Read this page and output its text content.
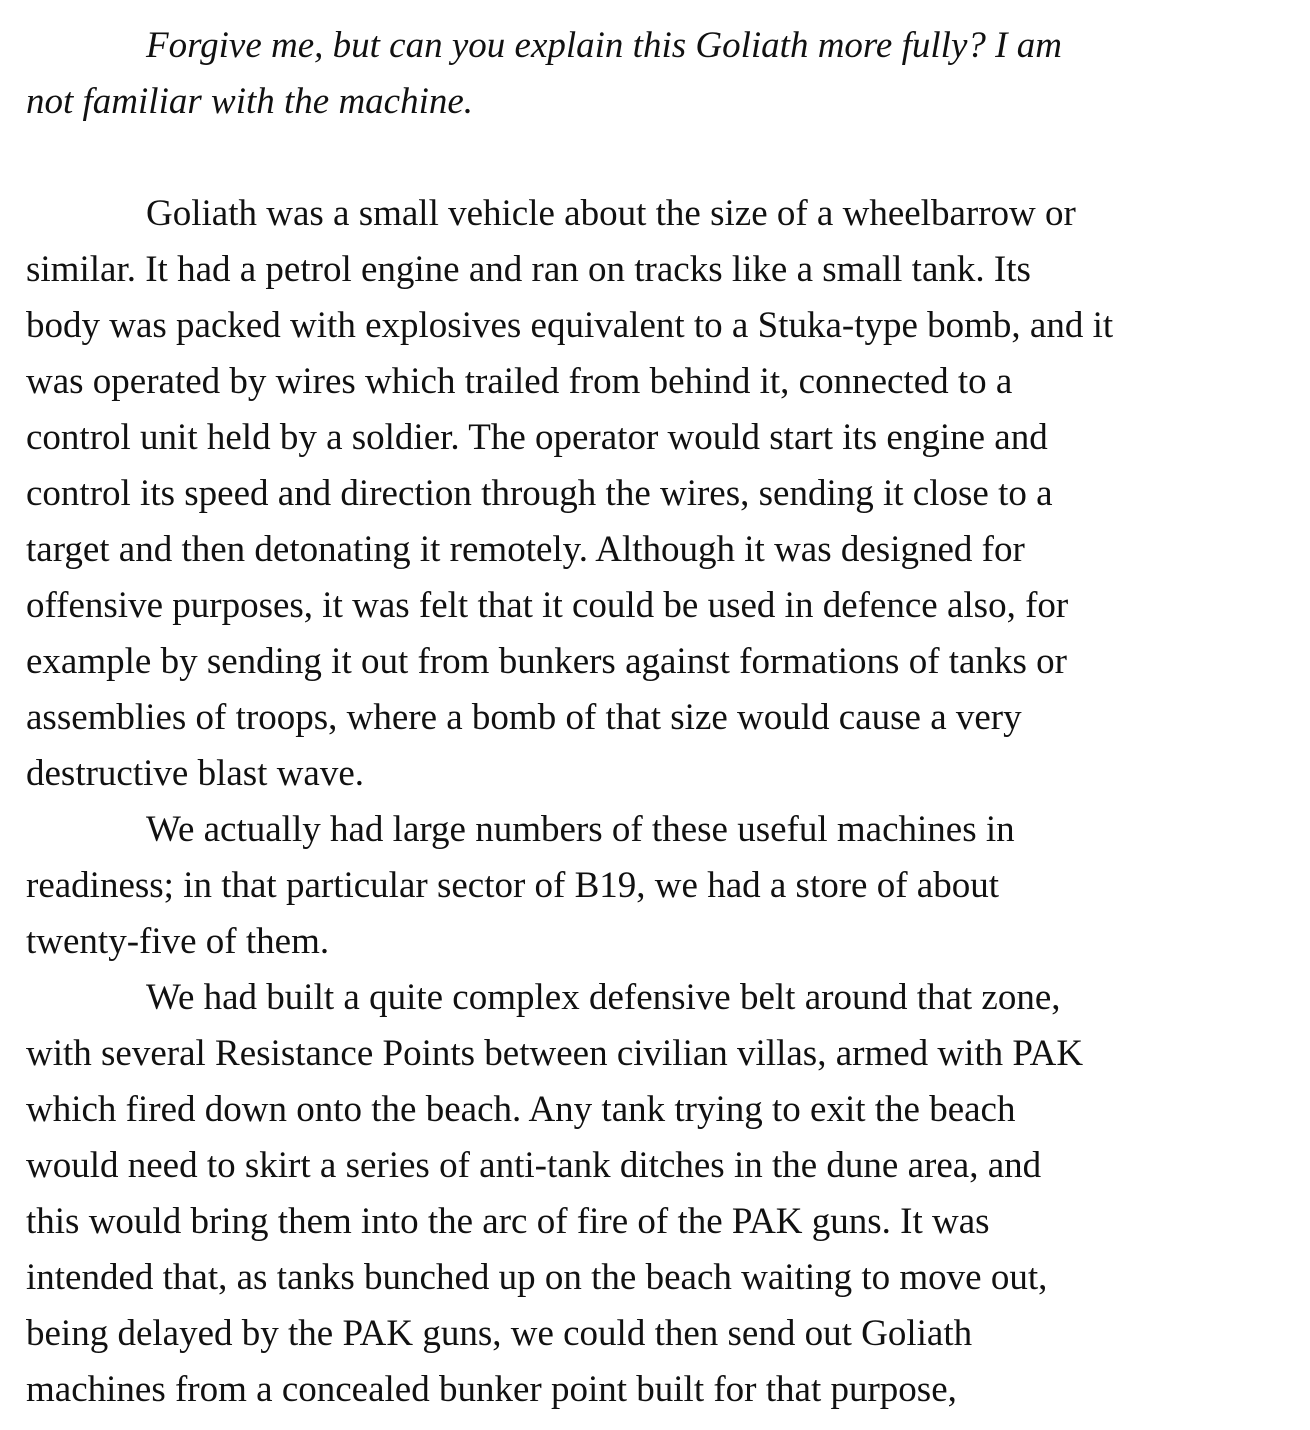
Forgive me, but can you explain this Goliath more fully? I am
not familiar with the machine.
Goliath was a small vehicle about the size of a wheelbarrow or
similar. It had a petrol engine and ran on tracks like a small tank. Its
body was packed with explosives equivalent to a Stuka-type bomb, and it
was operated by wires which trailed from behind it, connected to a
control unit held by a soldier. The operator would start its engine and
control its speed and direction through the wires, sending it close to a
target and then detonating it remotely. Although it was designed for
offensive purposes, it was felt that it could be used in defence also, for
example by sending it out from bunkers against formations of tanks or
assemblies of troops, where a bomb of that size would cause a very
destructive blast wave.
We actually had large numbers of these useful machines in
readiness; in that particular sector of B19, we had a store of about
twenty-five of them.
We had built a quite complex defensive belt around that zone,
with several Resistance Points between civilian villas, armed with PAK
which fired down onto the beach. Any tank trying to exit the beach
would need to skirt a series of anti-tank ditches in the dune area, and
this would bring them into the arc of fire of the PAK guns. It was
intended that, as tanks bunched up on the beach waiting to move out,
being delayed by the PAK guns, we could then send out Goliath
machines from a concealed bunker point built for that purpose,
